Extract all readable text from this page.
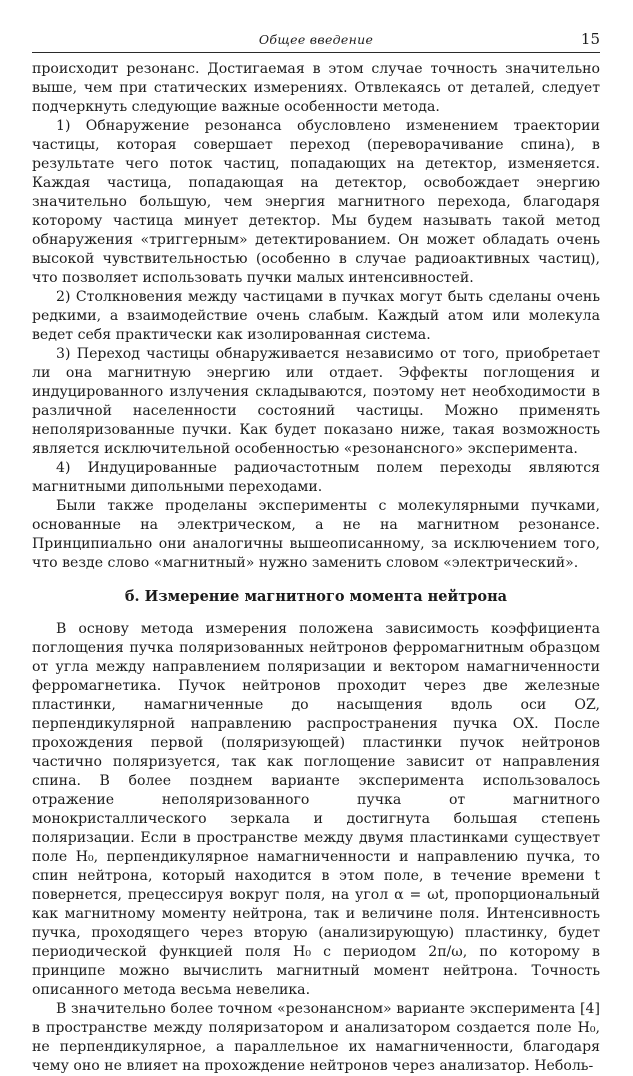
Общее введение	15

происходит резонанс. Достигаемая в этом случае точность значительно выше, чем при статических измерениях. Отвлекаясь от деталей, следует подчеркнуть следующие важные особенности метода.

1) Обнаружение резонанса обусловлено изменением траектории частицы, которая совершает переход (переворачивание спина), в результате чего поток частиц, попадающих на детектор, изменяется. Каждая частица, попадающая на детектор, освобождает энергию значительно большую, чем энергия магнитного перехода, благодаря которому частица минует детектор. Мы будем называть такой метод обнаружения «триггерным» детектированием. Он может обладать очень высокой чувствительностью (особенно в случае радиоактивных частиц), что позволяет использовать пучки малых интенсивностей.

2) Столкновения между частицами в пучках могут быть сделаны очень редкими, а взаимодействие очень слабым. Каждый атом или молекула ведет себя практически как изолированная система.

3) Переход частицы обнаруживается независимо от того, приобретает ли она магнитную энергию или отдает. Эффекты поглощения и индуцированного излучения складываются, поэтому нет необходимости в различной населенности состояний частицы. Можно применять неполяризованные пучки. Как будет показано ниже, такая возможность является исключительной особенностью «резонансного» эксперимента.

4) Индуцированные радиочастотным полем переходы являются магнитными дипольными переходами.

Были также проделаны эксперименты с молекулярными пучками, основанные на электрическом, а не на магнитном резонансе. Принципиально они аналогичны вышеописанному, за исключением того, что везде слово «магнитный» нужно заменить словом «электрический».

б. Измерение магнитного момента нейтрона

В основу метода измерения положена зависимость коэффициента поглощения пучка поляризованных нейтронов ферромагнитным образцом от угла между направлением поляризации и вектором намагниченности ферромагнетика. Пучок нейтронов проходит через две железные пластинки, намагниченные до насыщения вдоль оси OZ, перпендикулярной направлению распространения пучка OX. После прохождения первой (поляризующей) пластинки пучок нейтронов частично поляризуется, так как поглощение зависит от направления спина. В более позднем варианте эксперимента использовалось отражение неполяризованного пучка от магнитного монокристаллического зеркала и достигнута большая степень поляризации. Если в пространстве между двумя пластинками существует поле H₀, перпендикулярное намагниченности и направлению пучка, то спин нейтрона, который находится в этом поле, в течение времени t повернется, прецессируя вокруг поля, на угол α = ωt, пропорциональный как магнитному моменту нейтрона, так и величине поля. Интенсивность пучка, проходящего через вторую (анализирующую) пластинку, будет периодической функцией поля H₀ с периодом 2π/ω, по которому в принципе можно вычислить магнитный момент нейтрона. Точность описанного метода весьма невелика.

В значительно более точном «резонансном» варианте эксперимента [4] в пространстве между поляризатором и анализатором создается поле H₀, не перпендикулярное, а параллельное их намагниченности, благодаря чему оно не влияет на прохождение нейтронов через анализатор. Неболь-
